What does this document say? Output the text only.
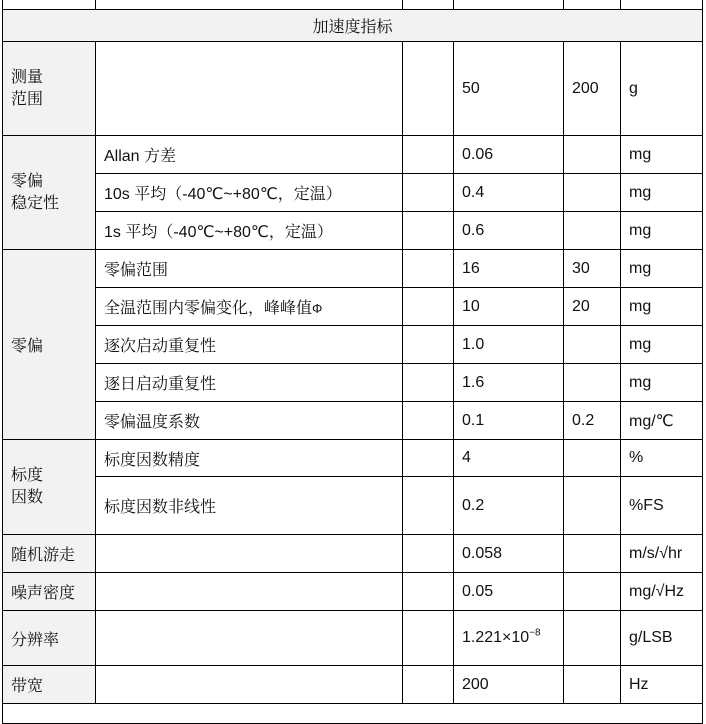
加速度指标					

测量
范围			50	200	g

零偏
稳定性	Allan 方差		0.06		mg
	10s 平均（-40℃~+80℃，定温）		0.4		mg
	1s 平均（-40℃~+80℃，定温）		0.6		mg
零偏	零偏范围		16	30	mg
	全温范围内零偏变化，峰峰值Φ		10	20	mg
	逐次启动重复性		1.0		mg
	逐日启动重复性		1.6		mg
	零偏温度系数		0.1	0.2	mg/℃

标度
因数	标度因数精度		4		%
	标度因数非线性		0.2		%FS
随机游走			0.058		m/s/√hr
噪声密度			0.05		mg/√Hz
分辨率			$1.221\times 10^{-8}$		g/LSB
带宽			200		Hz
